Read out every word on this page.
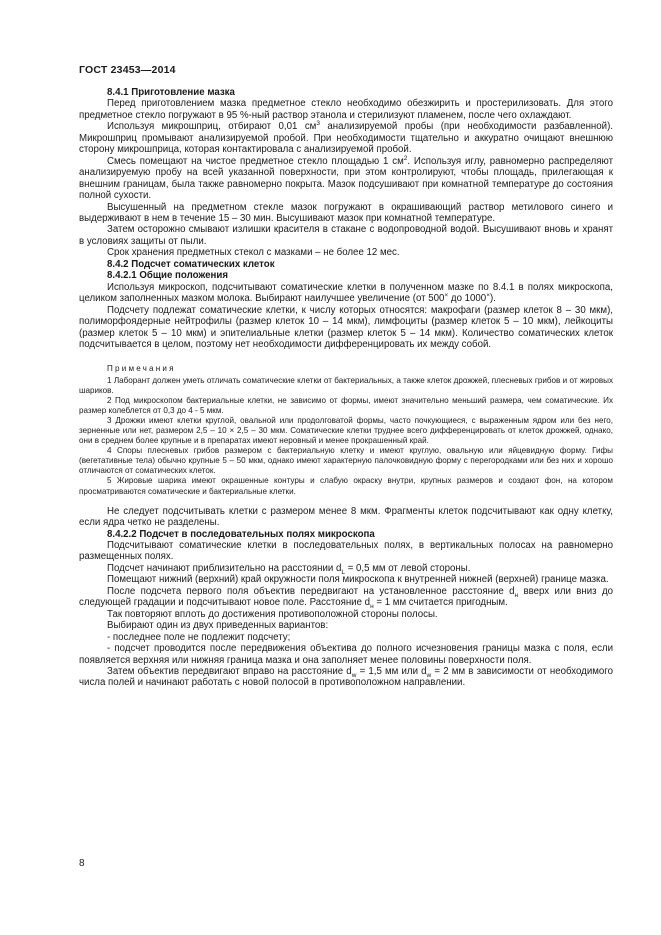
ГОСТ 23453—2014

8.4.1 Приготовление мазка

Перед приготовлением мазка предметное стекло необходимо обезжирить и простерилизовать. Для этого предметное стекло погружают в 95 %-ный раствор этанола и стерилизуют пламенем, после чего охлаждают.

Используя микрошприц, отбирают 0,01 $см^3$ анализируемой пробы (при необходимости разбавленной). Микрошприц промывают анализируемой пробой. При необходимости тщательно и аккуратно очищают внешнюю сторону микрошприца, которая контактировала с анализируемой пробой.

Смесь помещают на чистое предметное стекло площадью 1 $см^2$. Используя иглу, равномерно распределяют анализируемую пробу на всей указанной поверхности, при этом контролируют, чтобы площадь, прилегающая к внешним границам, была также равномерно покрыта. Мазок подсушивают при комнатной температуре до состояния полной сухости.

Высушенный на предметном стекле мазок погружают в окрашивающий раствор метилового синего и выдерживают в нем в течение 15 – 30 мин. Высушивают мазок при комнатной температуре.

Затем осторожно смывают излишки красителя в стакане с водопроводной водой. Высушивают вновь и хранят в условиях защиты от пыли.

Срок хранения предметных стекол с мазками – не более 12 мес.

8.4.2 Подсчет соматических клеток

8.4.2.1 Общие положения

Используя микроскоп, подсчитывают соматические клетки в полученном мазке по 8.4.1 в полях микроскопа, целиком заполненных мазком молока. Выбирают наилучшее увеличение (от 500× до 1000×).

Подсчету подлежат соматические клетки, к числу которых относятся: макрофаги (размер клеток 8 – 30 мкм), полиморфоядерные нейтрофилы (размер клеток 10 – 14 мкм), лимфоциты (размер клеток 5 – 10 мкм), лейкоциты (размер клеток 5 – 10 мкм) и эпителиальные клетки (размер клеток 5 – 14 мкм). Количество соматических клеток подсчитывается в целом, поэтому нет необходимости дифференцировать их между собой.

Примечания

1 Лаборант должен уметь отличать соматические клетки от бактериальных, а также клеток дрожжей, плесневых грибов и от жировых шариков.

2 Под микроскопом бактериальные клетки, не зависимо от формы, имеют значительно меньший размера, чем соматические. Их размер колеблется от 0,3 до 4 - 5 мкм.

3 Дрожжи имеют клетки круглой, овальной или продолговатой формы, часто почкующиеся, с выраженным ядром или без него, зерненные или нет, размером 2,5 – 10 × 2,5 – 30 мкм. Соматические клетки труднее всего дифференцировать от клеток дрожжей, однако, они в среднем более крупные и в препаратах имеют неровный и менее прокрашенный край.

4 Споры плесневых грибов размером с бактериальную клетку и имеют круглую, овальную или яйцевидную форму. Гифы (вегетативные тела) обычно крупные 5 – 50 мкм, однако имеют характерную палочковидную форму с перегородками или без них и хорошо отличаются от соматических клеток.

5 Жировые шарика имеют окрашенные контуры и слабую окраску внутри, крупных размеров и создают фон, на котором просматриваются соматические и бактериальные клетки.

Не следует подсчитывать клетки с размером менее 8 мкм. Фрагменты клеток подсчитывают как одну клетку, если ядра четко не разделены.

8.4.2.2 Подсчет в последовательных полях микроскопа

Подсчитывают соматические клетки в последовательных полях, в вертикальных полосах на равномерно размещенных полях.

Подсчет начинают приблизительно на расстоянии $d_L = 0,5$ мм от левой стороны.

Помещают нижний (верхний) край окружности поля микроскопа к внутренней нижней (верхней) границе мазка.

После подсчета первого поля объектив передвигают на установленное расстояние $d_н$ вверх или вниз до следующей градации и подсчитывают новое поле. Расстояние $d_н = 1$ мм считается пригодным.

Так повторяют вплоть до достижения противоположной стороны полосы.

Выбирают один из двух приведенных вариантов:

- последнее поле не подлежит подсчету;

- подсчет проводится после передвижения объектива до полного исчезновения границы мазка с поля, если появляется верхняя или нижняя граница мазка и она заполняет менее половины поверхности поля.

Затем объектив передвигают вправо на расстояние $d_w = 1,5$ мм или $d_w = 2$ мм в зависимости от необходимого числа полей и начинают работать с новой полосой в противоположном направлении.

8
